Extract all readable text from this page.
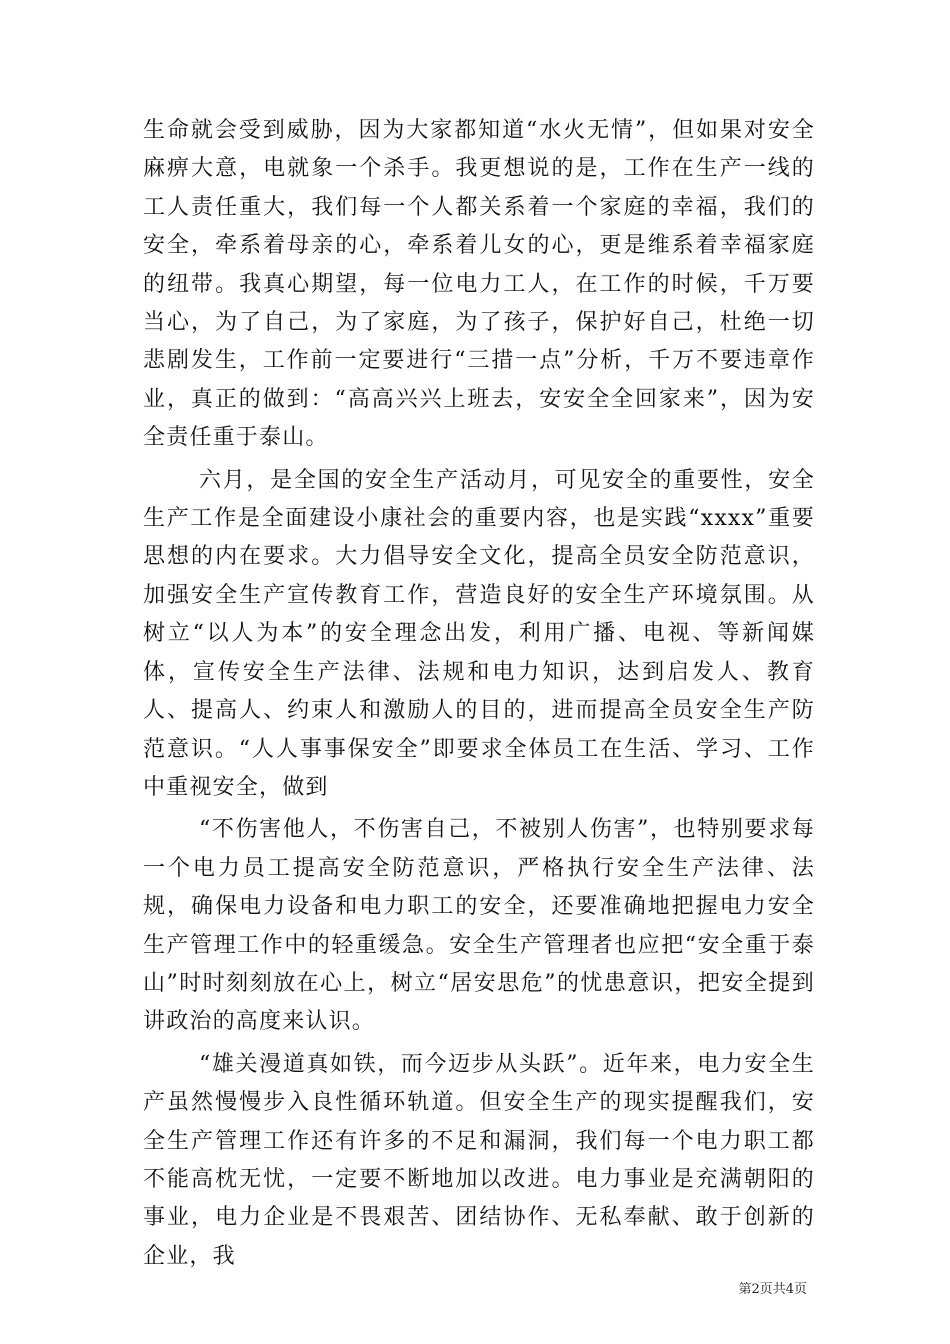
生命就会受到威胁，因为大家都知道“水火无情”，但如果对安全麻痹大意，电就象一个杀手。我更想说的是，工作在生产一线的工人责任重大，我们每一个人都关系着一个家庭的幸福，我们的安全，牵系着母亲的心，牵系着儿女的心，更是维系着幸福家庭的纽带。我真心期望，每一位电力工人，在工作的时候，千万要当心，为了自己，为了家庭，为了孩子，保护好自己，杜绝一切悲剧发生，工作前一定要进行“三措一点”分析，千万不要违章作业，真正的做到：“高高兴兴上班去，安安全全回家来”，因为安全责任重于泰山。

六月，是全国的安全生产活动月，可见安全的重要性，安全生产工作是全面建设小康社会的重要内容，也是实践“xxxx”重要思想的内在要求。大力倡导安全文化，提高全员安全防范意识，加强安全生产宣传教育工作，营造良好的安全生产环境氛围。从树立“以人为本”的安全理念出发，利用广播、电视、等新闻媒体，宣传安全生产法律、法规和电力知识，达到启发人、教育人、提高人、约束人和激励人的目的，进而提高全员安全生产防范意识。“人人事事保安全”即要求全体员工在生活、学习、工作中重视安全，做到

“不伤害他人，不伤害自己，不被别人伤害”，也特别要求每一个电力员工提高安全防范意识，严格执行安全生产法律、法规，确保电力设备和电力职工的安全，还要准确地把握电力安全生产管理工作中的轻重缓急。安全生产管理者也应把“安全重于泰山”时时刻刻放在心上，树立“居安思危”的忧患意识，把安全提到讲政治的高度来认识。

“雄关漫道真如铁，而今迈步从头跃”。近年来，电力安全生产虽然慢慢步入良性循环轨道。但安全生产的现实提醒我们，安全生产管理工作还有许多的不足和漏洞，我们每一个电力职工都不能高枕无忧，一定要不断地加以改进。电力事业是充满朝阳的事业，电力企业是不畏艰苦、团结协作、无私奉献、敢于创新的企业，我

第2页共4页
